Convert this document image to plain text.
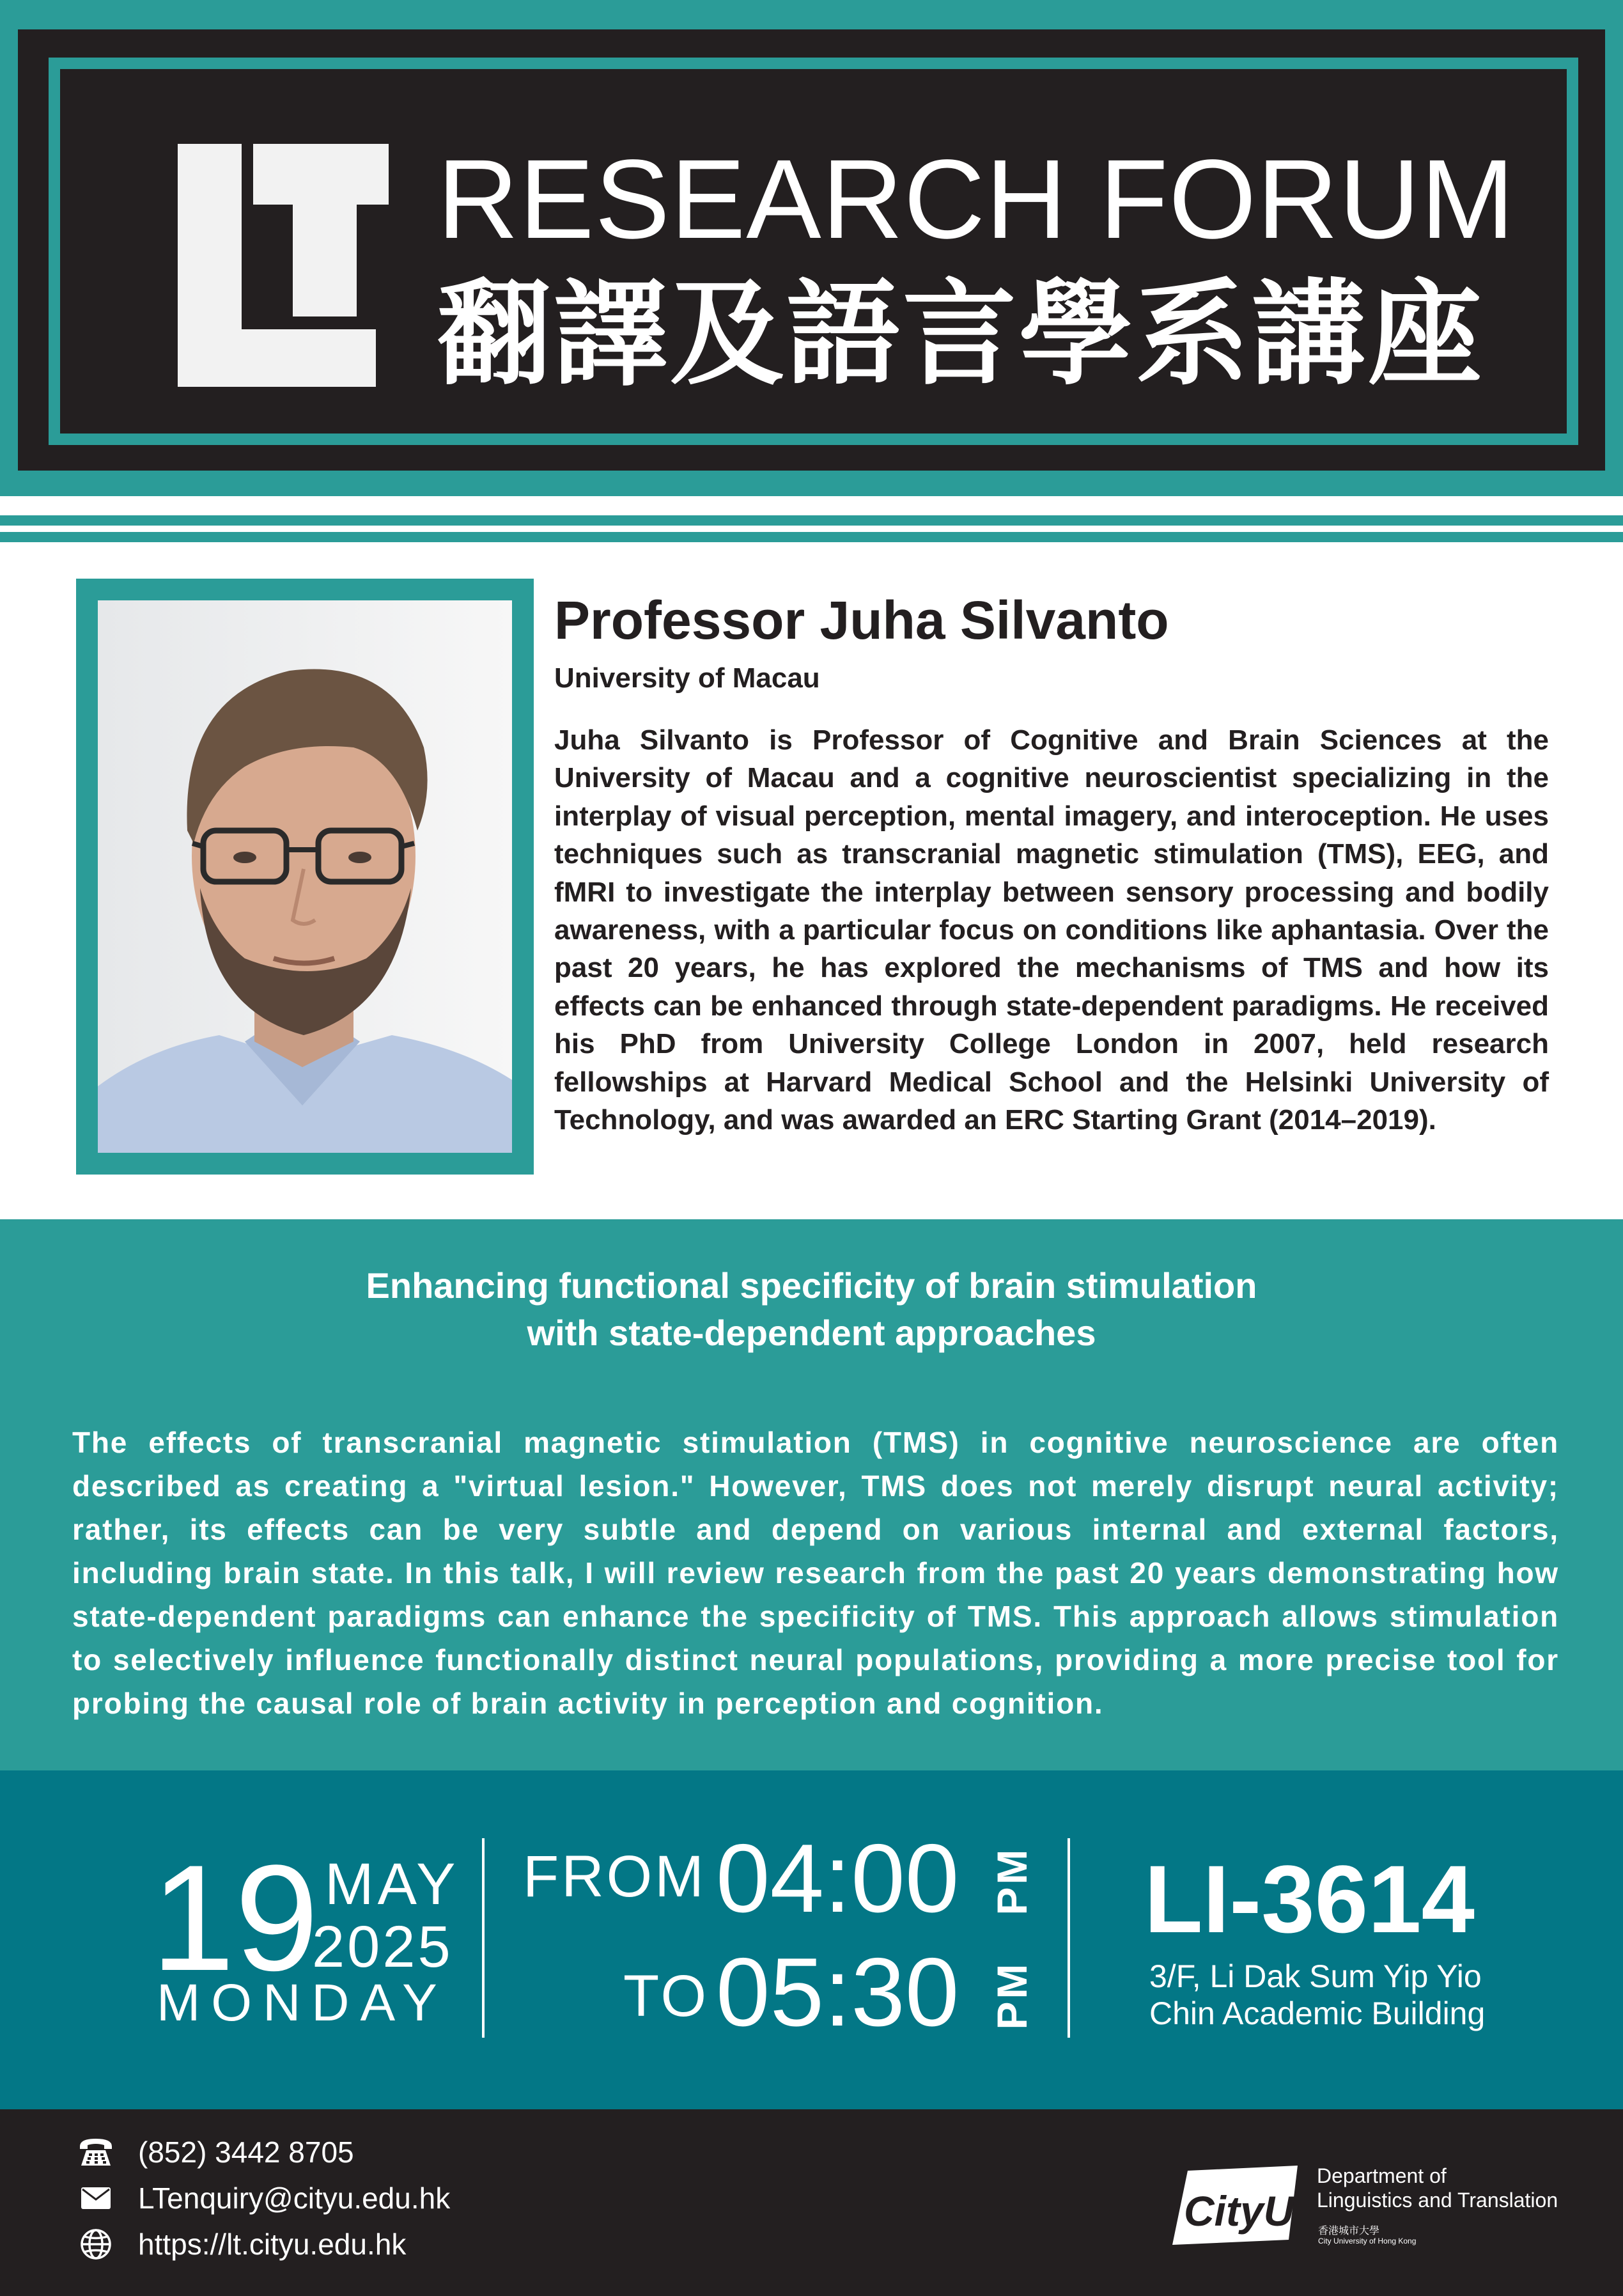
RESEARCH FORUM
翻譯及語言學系講座
Professor Juha Silvanto
University of Macau
Juha Silvanto is Professor of Cognitive and Brain Sciences at the University of Macau and a cognitive neuroscientist specializing in the interplay of visual perception, mental imagery, and interoception. He uses techniques such as transcranial magnetic stimulation (TMS), EEG, and fMRI to investigate the interplay between sensory processing and bodily awareness, with a particular focus on conditions like aphantasia. Over the past 20 years, he has explored the mechanisms of TMS and how its effects can be enhanced through state-dependent paradigms. He received his PhD from University College London in 2007, held research fellowships at Harvard Medical School and the Helsinki University of Technology, and was awarded an ERC Starting Grant (2014–2019).
Enhancing functional specificity of brain stimulation
with state-dependent approaches
The effects of transcranial magnetic stimulation (TMS) in cognitive neuroscience are often described as creating a "virtual lesion." However, TMS does not merely disrupt neural activity; rather, its effects can be very subtle and depend on various internal and external factors, including brain state. In this talk, I will review research from the past 20 years demonstrating how state-dependent paradigms can enhance the specificity of TMS. This approach allows stimulation to selectively influence functionally distinct neural populations, providing a more precise tool for probing the causal role of brain activity in perception and cognition.
19 MAY
2025
MONDAY
FROM 04:00 PM
TO 05:30 PM
LI-3614
3/F, Li Dak Sum Yip Yio
Chin Academic Building
(852) 3442 8705
LTenquiry@cityu.edu.hk
https://lt.cityu.edu.hk
CityU
Department of
Linguistics and Translation
香港城市大學
City University of Hong Kong
